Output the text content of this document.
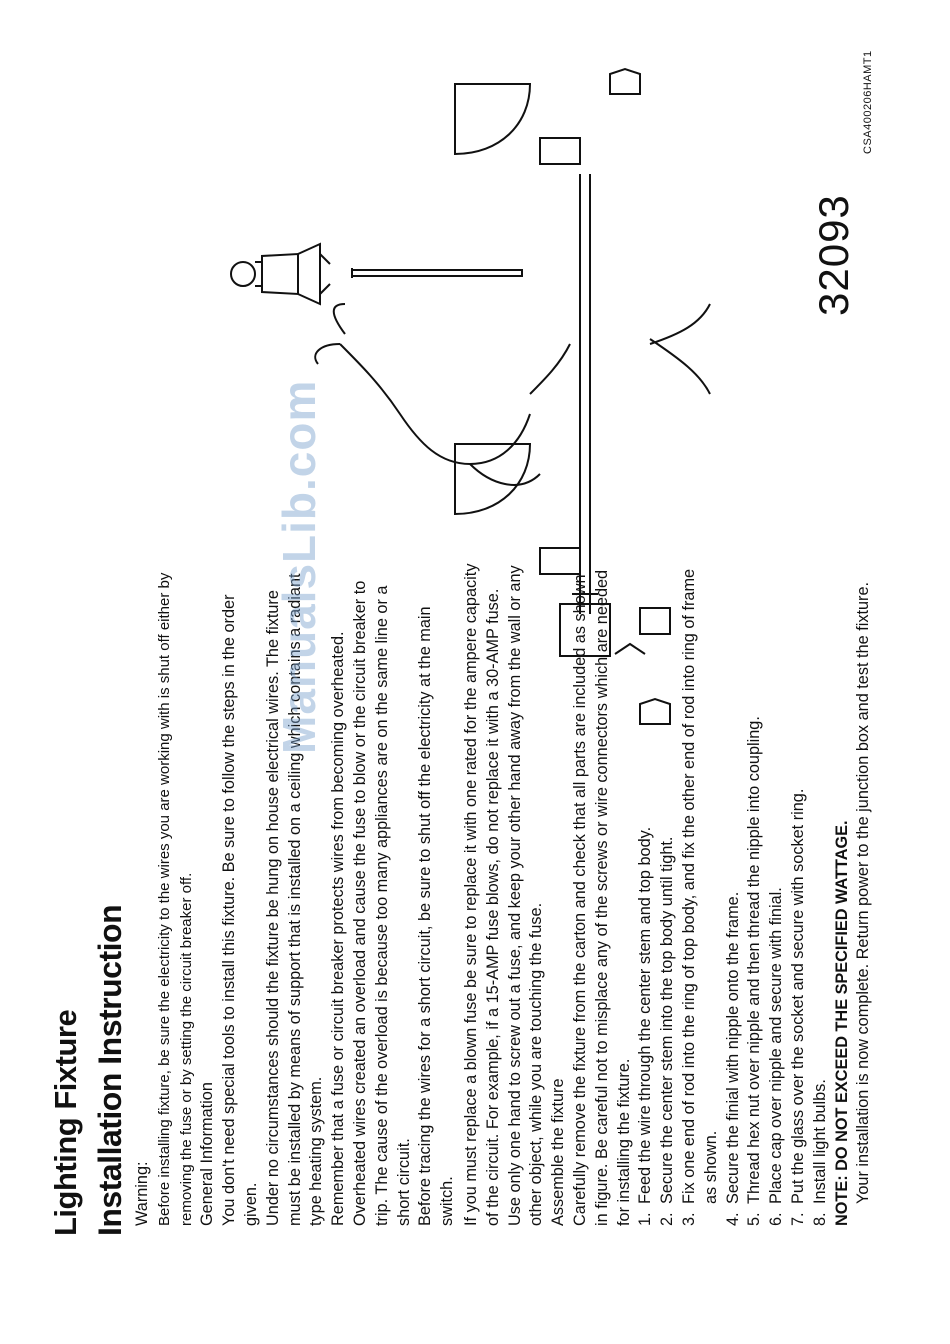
Lighting Fixture Installation Instruction Warning: Before installing fixture, be sure the electricity to the wires you are working with is shut off either by removing the fuse or by setting the circuit breaker off. General Information You don't need special tools to install this fixture. Be sure to follow the steps in the order given. Under no circumstances should the fixture be hung on house electrical wires. The fixture must be installed by means of support that is installed on a ceiling which contains a radiant type heating system. Remember that a fuse or circuit breaker protects wires from becoming overheated. Overheated wires created an overload and cause the fuse to blow or the circuit breaker to trip. The cause of the overload is because too many appliances are on the same line or a short circuit. Before tracing the wires for a short circuit, be sure to shut off the electricity at the main switch. If you must replace a blown fuse be sure to replace it with one rated for the ampere capacity of the circuit. For example, if a 15-AMP fuse blows, do not replace it with a 30-AMP fuse. Use only one hand to screw out a fuse, and keep your other hand away from the wall or any other object, while you are touching the fuse. Assemble the fixture Carefully remove the fixture from the carton and check that all parts are included as shown in figure. Be careful not to misplace any of the screws or wire connectors which are needed for installing the fixture. 1.Feed the wire through the center stem and top body.
2.Secure the center stem into the top body until tight.
3.Fix one end of rod into the ring of top body, and fix the other end of rod into ring of frame as shown.
4.Secure the finial with nipple onto the frame.
5.Thread hex nut over nipple and then thread the nipple into coupling.
6.Place cap over nipple and secure with finial.
7.Put the glass over the socket and secure with socket ring.
8.Install light bulbs. NOTE: DO NOT EXCEED THE SPECIFIED WATTAGE. Your installation is now complete. Return power to the junction box and test the fixture.
ManualsLib.com
32093
CSA400206HAMT1
